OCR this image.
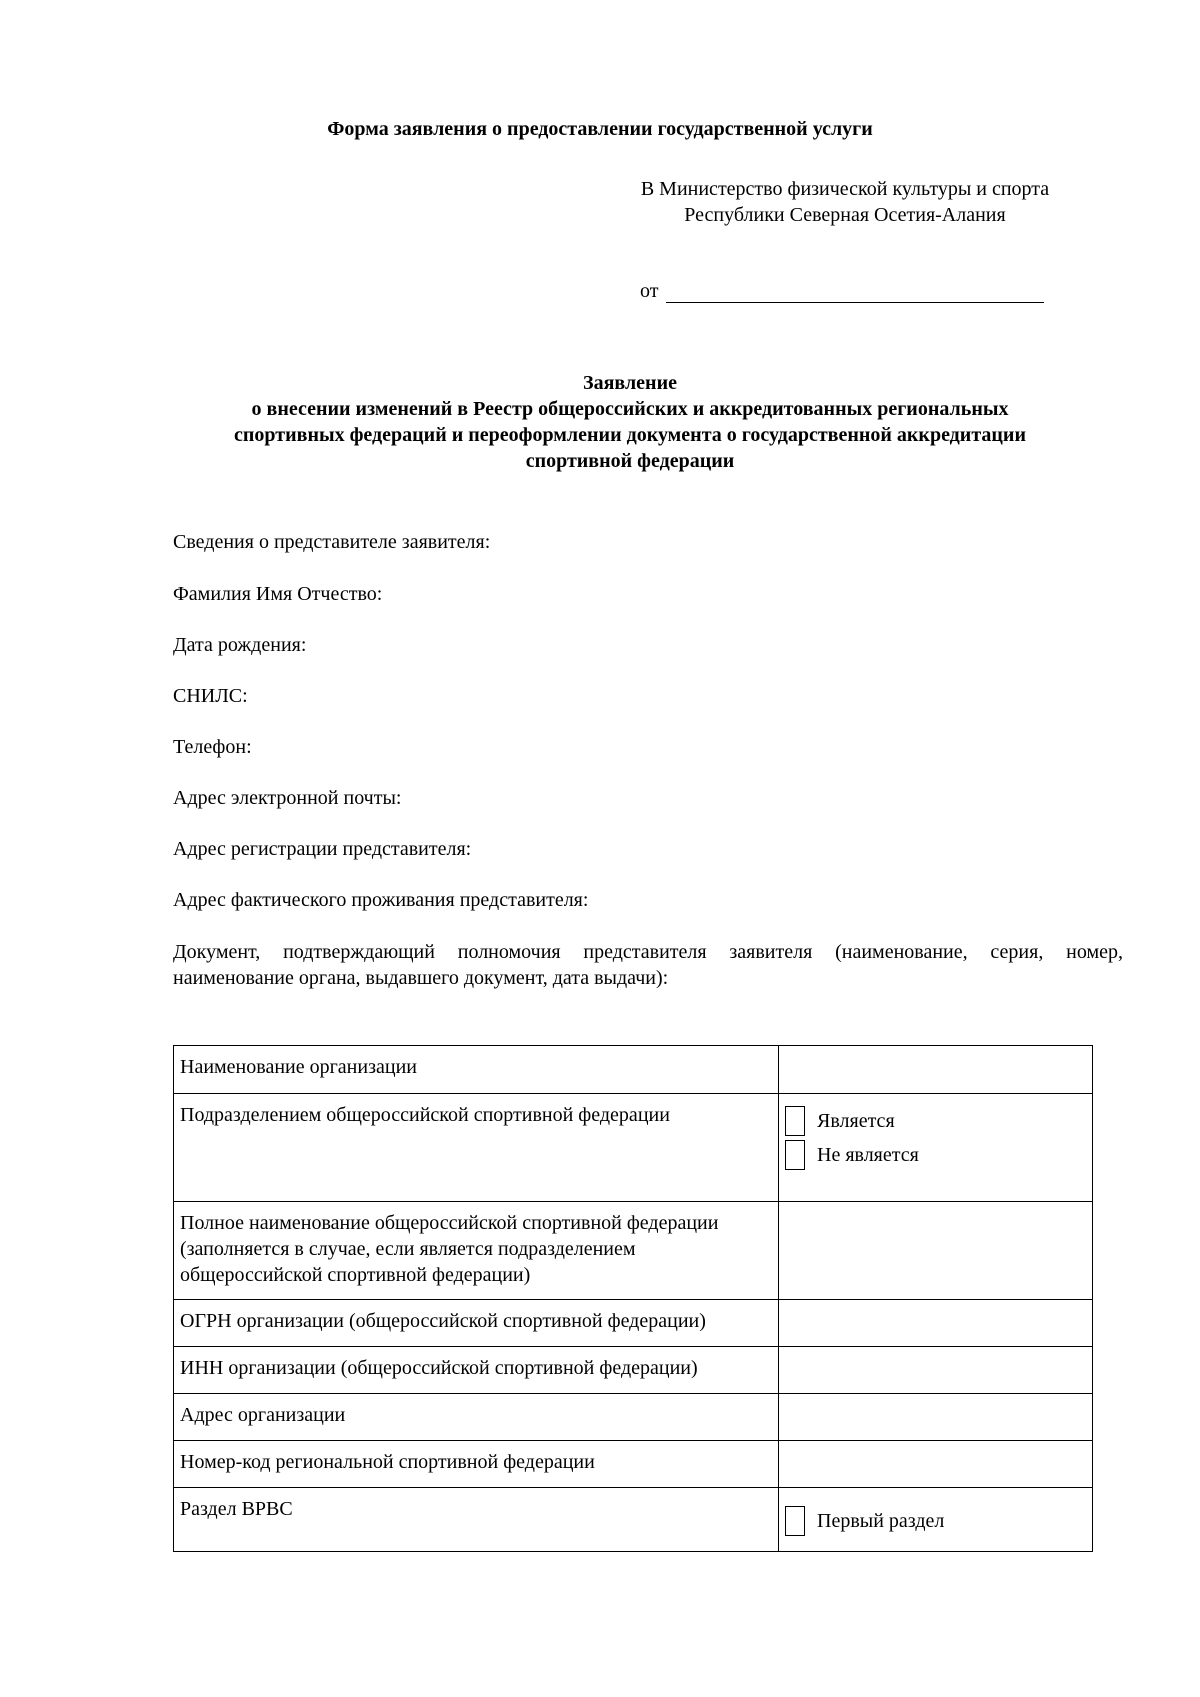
Форма заявления о предоставлении государственной услуги
В Министерство физической культуры и спорта
Республики Северная Осетия-Алания
от
Заявление
о внесении изменений в Реестр общероссийских и аккредитованных региональных
спортивных федераций и переоформлении документа о государственной аккредитации
спортивной федерации
Сведения о представителе заявителя:
Фамилия Имя Отчество:
Дата рождения:
СНИЛС:
Телефон:
Адрес электронной почты:
Адрес регистрации представителя:
Адрес фактического проживания представителя:
Документ, подтверждающий полномочия представителя заявителя (наименование, серия, номер, наименование органа, выдавшего документ, дата выдачи):
Наименование организации	
Подразделением общероссийской спортивной федерации	Является
Не является

Полное наименование общероссийской спортивной федерации (заполняется в случае, если является подразделением общероссийской спортивной федерации)	
ОГРН организации (общероссийской спортивной федерации)	
ИНН организации (общероссийской спортивной федерации)	
Адрес организации	
Номер-код региональной спортивной федерации	
Раздел ВРВС	Первый раздел
